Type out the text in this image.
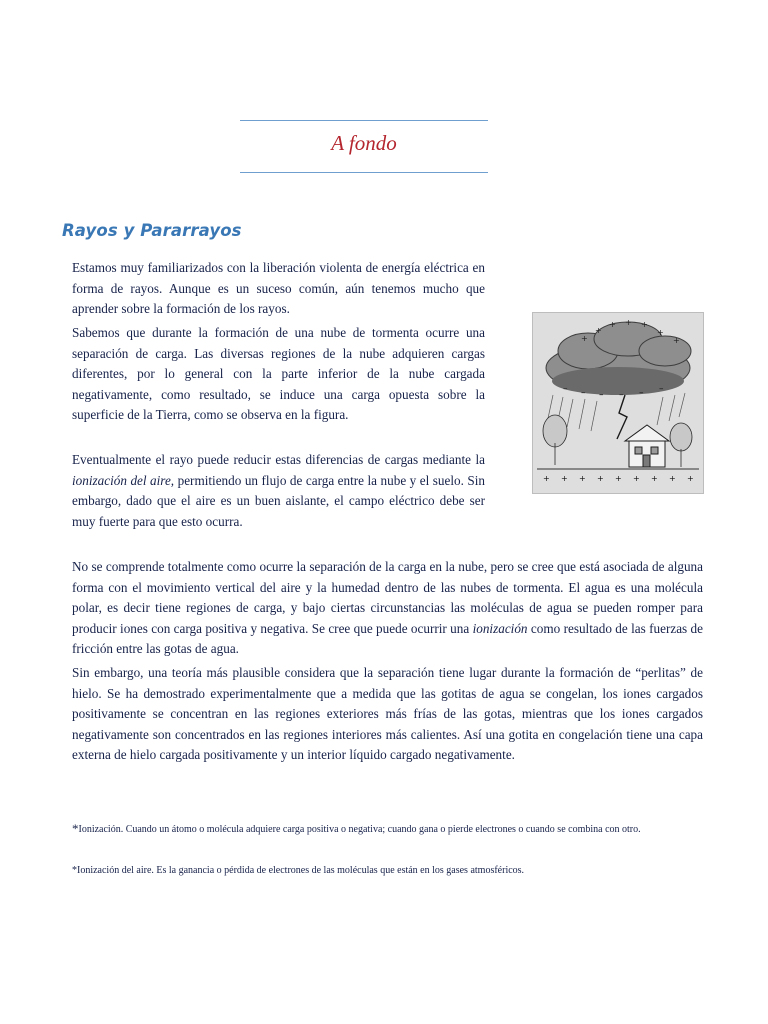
A fondo
Rayos y Pararrayos

Estamos muy familiarizados con la liberación violenta de energía eléctrica en forma de rayos. Aunque es un suceso común, aún tenemos mucho que aprender sobre la formación de los rayos.

Sabemos que durante la formación de una nube de tormenta ocurre una separación de carga. Las diversas regiones de la nube adquieren cargas diferentes, por lo general con la parte inferior de la nube cargada negativamente, como resultado, se induce una carga opuesta sobre la superficie de la Tierra, como se observa en la figura.

Eventualmente el rayo puede reducir estas diferencias de cargas mediante la ionización del aire, permitiendo un flujo de carga entre la nube y el suelo. Sin embargo, dado que el aire es un buen aislante, el campo eléctrico debe ser muy fuerte para que esto ocurra.

+
+ + +
+
+	+
– – – – – –
+ + + + + + + + +

No se comprende totalmente como ocurre la separación de la carga en la nube, pero se cree que está asociada de alguna forma con el movimiento vertical del aire y la humedad dentro de las nubes de tormenta. El agua es una molécula polar, es decir tiene regiones de carga, y bajo ciertas circunstancias las moléculas de agua se pueden romper para producir iones con carga positiva y negativa. Se cree que puede ocurrir una ionización como resultado de las fuerzas de fricción entre las gotas de agua.

Sin embargo, una teoría más plausible considera que la separación tiene lugar durante la formación de “perlitas” de hielo. Se ha demostrado experimentalmente que a medida que las gotitas de agua se congelan, los iones cargados positivamente se concentran en las regiones exteriores más frías de las gotas, mientras que los iones cargados negativamente son concentrados en las regiones interiores más calientes. Así una gotita en congelación tiene una capa externa de hielo cargada positivamente y un interior líquido cargado negativamente.

*Ionización. Cuando un átomo o molécula adquiere carga positiva o negativa; cuando gana o pierde electrones o cuando se combina con otro.

*Ionización del aire. Es la ganancia o pérdida de electrones de las moléculas que están en los gases atmosféricos.
